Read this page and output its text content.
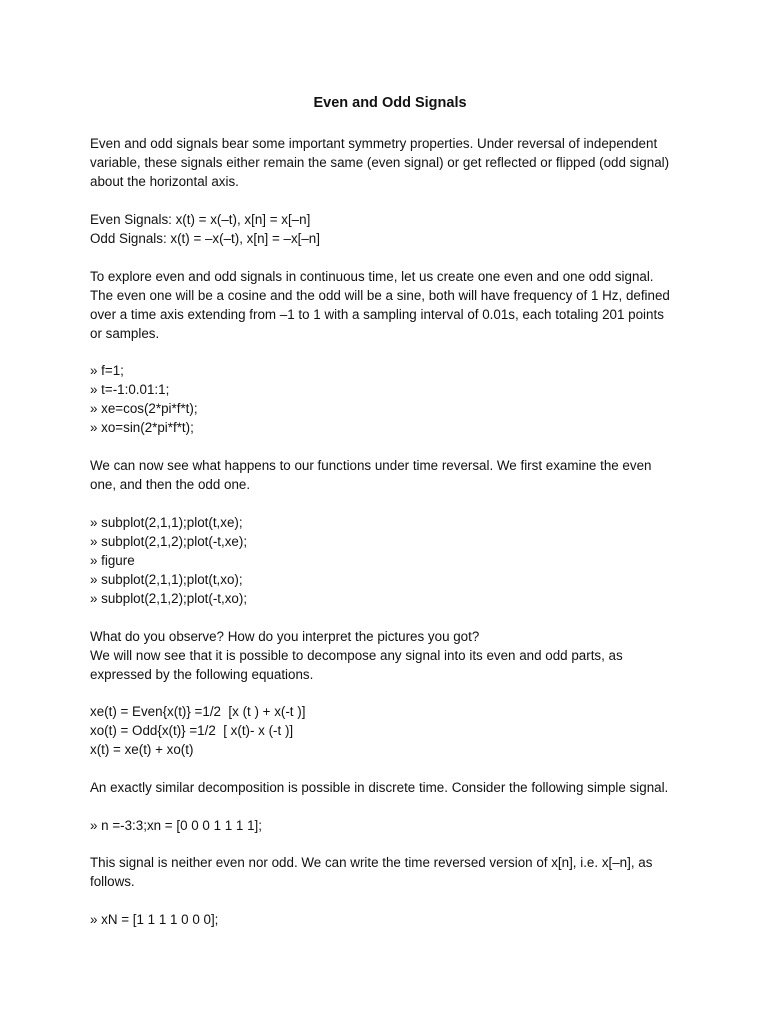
Even and Odd Signals
Even and odd signals bear some important symmetry properties. Under reversal of independent
variable, these signals either remain the same (even signal) or get reflected or flipped (odd signal)
about the horizontal axis.
Even Signals: x(t) = x(–t), x[n] = x[–n]
Odd Signals: x(t) = –x(–t), x[n] = –x[–n]
To explore even and odd signals in continuous time, let us create one even and one odd signal.
The even one will be a cosine and the odd will be a sine, both will have frequency of 1 Hz, defined
over a time axis extending from –1 to 1 with a sampling interval of 0.01s, each totaling 201 points
or samples.
» f=1;
» t=-1:0.01:1;
» xe=cos(2*pi*f*t);
» xo=sin(2*pi*f*t);
We can now see what happens to our functions under time reversal. We first examine the even
one, and then the odd one.
» subplot(2,1,1);plot(t,xe);
» subplot(2,1,2);plot(-t,xe);
» figure
» subplot(2,1,1);plot(t,xo);
» subplot(2,1,2);plot(-t,xo);
What do you observe? How do you interpret the pictures you got?
We will now see that it is possible to decompose any signal into its even and odd parts, as
expressed by the following equations.
xe(t) = Even{x(t)} =1/2  [x (t ) + x(-t )]
xo(t) = Odd{x(t)} =1/2  [ x(t)- x (-t )]
x(t) = xe(t) + xo(t)
An exactly similar decomposition is possible in discrete time. Consider the following simple signal.
» n =-3:3;xn = [0 0 0 1 1 1 1];
This signal is neither even nor odd. We can write the time reversed version of x[n], i.e. x[–n], as
follows.
» xN = [1 1 1 1 0 0 0];
